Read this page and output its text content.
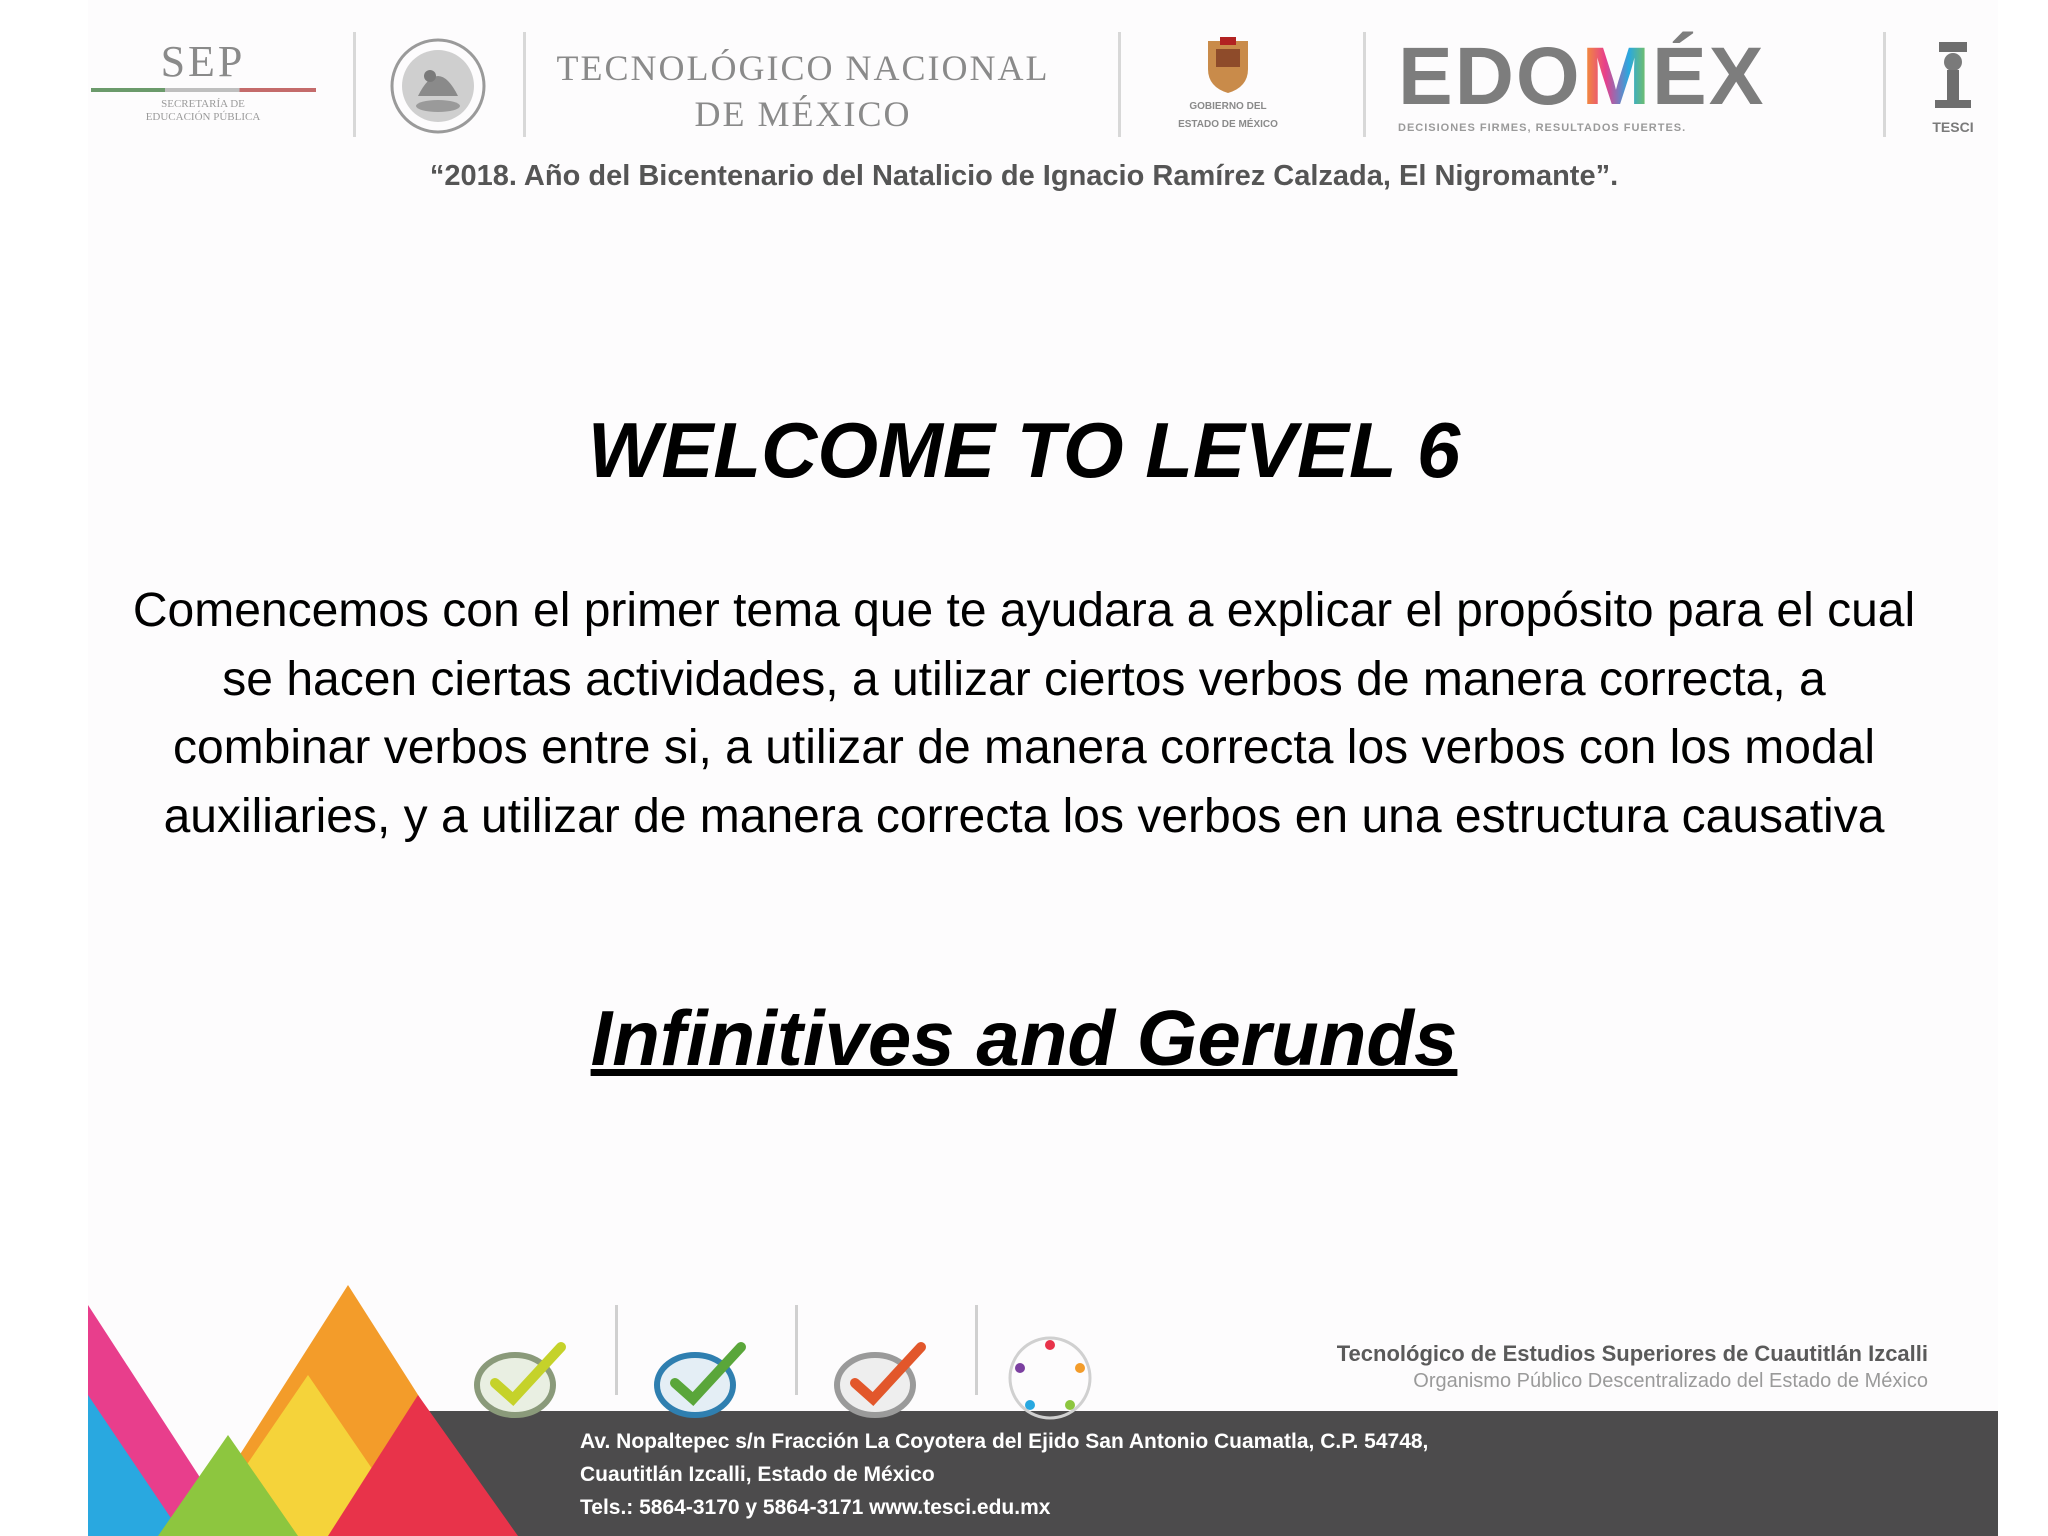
SEP
SECRETARÍA DE
EDUCACIÓN PÚBLICA
TECNOLÓGICO NACIONAL
DE MÉXICO	GOBIERNO DEL
ESTADO DE MÉXICO
EDOMÉX
DECISIONES FIRMES, RESULTADOS FUERTES.	TESCI
“2018. Año del Bicentenario del Natalicio de Ignacio Ramírez Calzada, El Nigromante”.
WELCOME TO LEVEL 6
Comencemos con el primer tema que te ayudara a explicar el propósito para el cual se hacen ciertas actividades, a utilizar ciertos verbos de manera correcta, a combinar verbos entre si, a utilizar de manera correcta los verbos con los modal auxiliaries, y a utilizar de manera correcta los verbos en una estructura causativa
Infinitives and Gerunds
Tecnológico de Estudios Superiores de Cuautitlán Izcalli
Organismo Público Descentralizado del Estado de México
Av. Nopaltepec s/n Fracción La Coyotera del Ejido San Antonio Cuamatla, C.P. 54748,
Cuautitlán Izcalli, Estado de México
Tels.: 5864-3170 y 5864-3171 www.tesci.edu.mx
